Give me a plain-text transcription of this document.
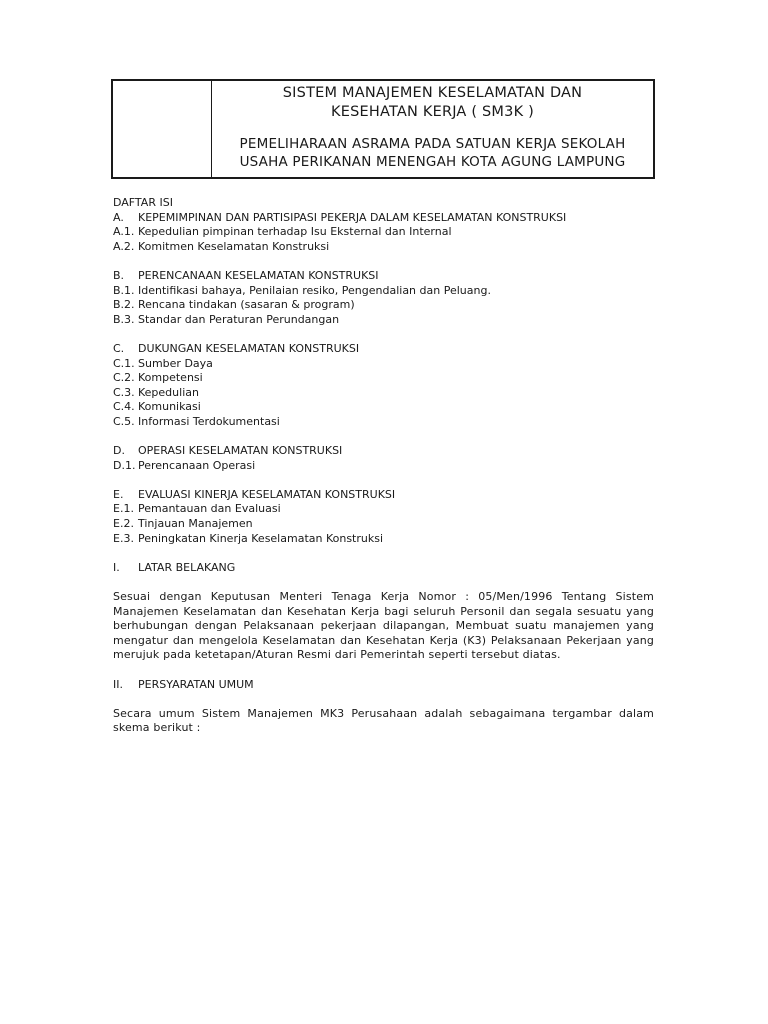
SISTEM MANAJEMEN KESELAMATAN DAN
KESEHATAN KERJA ( SM3K )
PEMELIHARAAN ASRAMA PADA SATUAN KERJA SEKOLAH
USAHA PERIKANAN MENENGAH KOTA AGUNG LAMPUNG
DAFTAR ISI
A.	KEPEMIMPINAN DAN PARTISIPASI PEKERJA DALAM KESELAMATAN KONSTRUKSI
A.1. Kepedulian pimpinan terhadap Isu Eksternal dan Internal
A.2. Komitmen Keselamatan Konstruksi
B.	PERENCANAAN KESELAMATAN KONSTRUKSI
B.1. Identifikasi bahaya, Penilaian resiko, Pengendalian dan Peluang.
B.2. Rencana tindakan (sasaran & program)
B.3. Standar dan Peraturan Perundangan
C.	DUKUNGAN KESELAMATAN KONSTRUKSI
C.1. Sumber Daya
C.2. Kompetensi
C.3. Kepedulian
C.4. Komunikasi
C.5. Informasi Terdokumentasi
D.	OPERASI KESELAMATAN KONSTRUKSI
D.1. Perencanaan Operasi
E.	EVALUASI KINERJA KESELAMATAN KONSTRUKSI
E.1. Pemantauan dan Evaluasi
E.2. Tinjauan Manajemen
E.3. Peningkatan Kinerja Keselamatan Konstruksi
I.	LATAR BELAKANG
Sesuai dengan Keputusan Menteri Tenaga Kerja Nomor : 05/Men/1996 Tentang Sistem Manajemen Keselamatan dan Kesehatan Kerja bagi seluruh Personil dan segala sesuatu yang berhubungan dengan Pelaksanaan pekerjaan dilapangan, Membuat suatu manajemen yang mengatur dan mengelola Keselamatan dan Kesehatan Kerja (K3) Pelaksanaan Pekerjaan yang merujuk pada ketetapan/Aturan Resmi dari Pemerintah seperti tersebut diatas.
II.	PERSYARATAN UMUM
Secara umum Sistem Manajemen MK3 Perusahaan adalah sebagaimana tergambar dalam skema berikut :
